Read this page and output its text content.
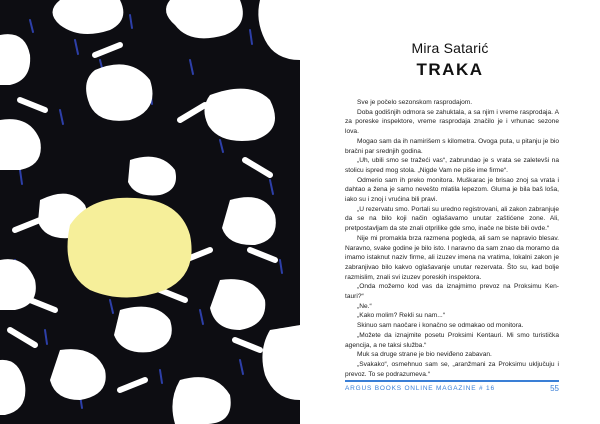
Mira Satarić
TRAKA

Sve je počelo sezonskom rasprodajom.

Doba godišnjih odmora se zahuktala, a sa njim i vreme rasprodaja. A za poreske inspektore, vreme rasprodaja značilo je i vrhunac sezone lova.

Mogao sam da ih namirišem s kilometra. Ovoga puta, u pitanju je bio bračni par srednjih godina.

„Uh, ubili smo se tražeći vas“, zabrundao je s vrata se zaletevši na stolicu ispred mog stola. „Nigde Vam ne piše ime firme“.

Odmerio sam ih preko monitora. Muškarac je brisao znoj sa vrata i dahtao a žena je samo nevešto mlatila lepezom. Gluma je bila baš loša, iako su i znoj i vrućina bili pravi.

„U rezervatu smo. Portali su uredno registrovani, ali zakon zabranjuje da se na bilo koji način oglašavamo unutar zaštićene zone. Ali, pretpostavljam da ste znali otprilike gde smo, inače ne biste bili ovde.“

Nije mi promakla brza razmena pogleda, ali sam se napravio blesav. Naravno, svake godine je bilo isto. I naravno da sam znao da moramo da imamo istaknut naziv firme, ali izuzev imena na vratima, lokalni zakon je zabranjivao bilo kakvo oglašavanje unutar rezervata. Što su, kad bolje razmislim, znali svi izuzev poreskih inspektora.

„Onda možemo kod vas da iznajmimo prevoz na Proksimu Kentauri?“

„Ne.“

„Kako molim? Rekli su nam...“

Skinuo sam naočare i konačno se odmakao od monitora.

„Možete da iznajmite posetu Proksimi Kentauri. Mi smo turistička agencija, a ne taksi služba.“

Muk sa druge strane je bio neviđeno zabavan.

„Svakako“, osmehnuo sam se, „aranžmani za Proksimu uključuju i prevoz. To se podrazumeva.“

ARGUS BOOKS ONLINE MAGAZINE # 16	55
